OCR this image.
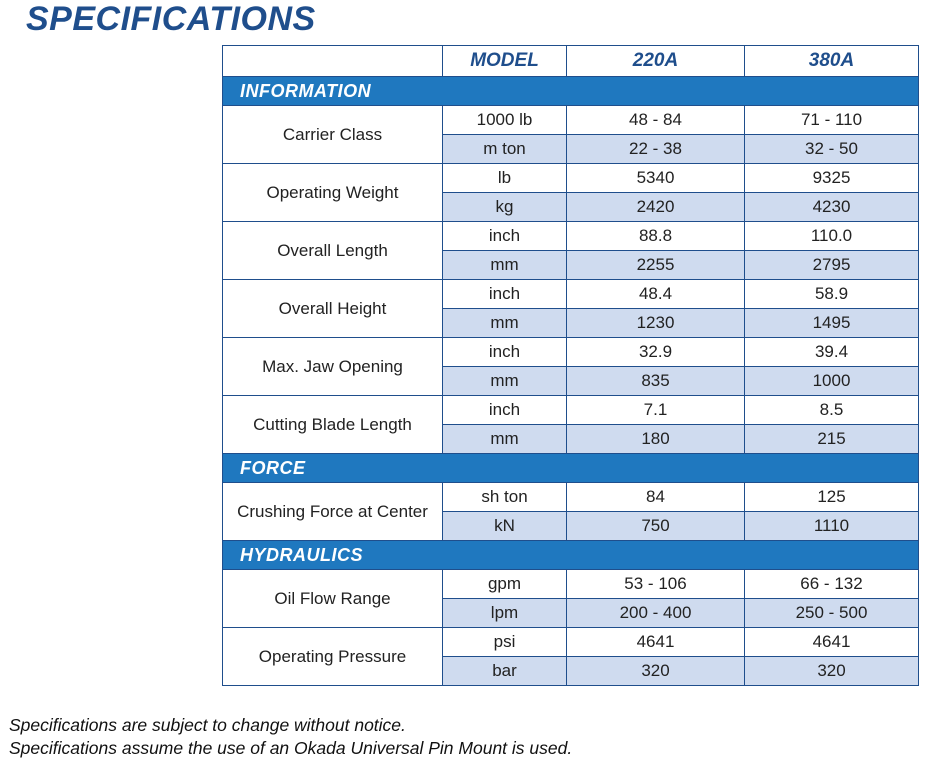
SPECIFICATIONS
	MODEL	220A	380A
INFORMATION			
Carrier Class	1000 lb	48 - 84	71 - 110
	m ton	22 - 38	32 - 50
Operating Weight	lb	5340	9325
	kg	2420	4230
Overall Length	inch	88.8	110.0
	mm	2255	2795
Overall Height	inch	48.4	58.9
	mm	1230	1495
Max. Jaw Opening	inch	32.9	39.4
	mm	835	1000
Cutting Blade Length	inch	7.1	8.5
	mm	180	215
FORCE			
Crushing Force at Center	sh ton	84	125
	kN	750	1110
HYDRAULICS			
Oil Flow Range	gpm	53 - 106	66 - 132
	lpm	200 - 400	250 - 500
Operating Pressure	psi	4641	4641
	bar	320	320
Specifications are subject to change without notice.
Specifications assume the use of an Okada Universal Pin Mount is used.
